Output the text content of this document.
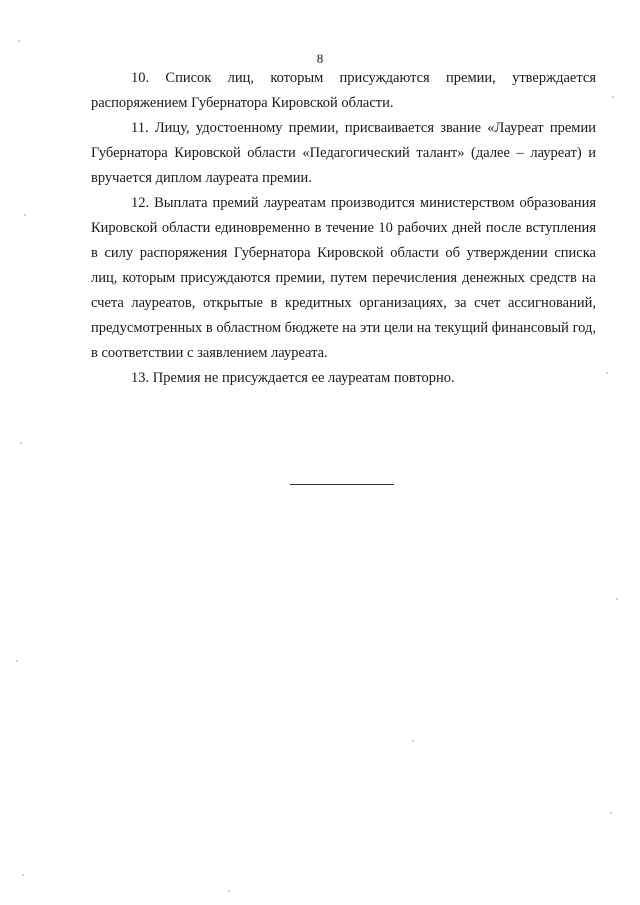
8

10. Список лиц, которым присуждаются премии, утверждается распоряжением Губернатора Кировской области.

11. Лицу, удостоенному премии, присваивается звание «Лауреат премии Губернатора Кировской области «Педагогический талант» (далее – лауреат) и вручается диплом лауреата премии.

12. Выплата премий лауреатам производится министерством образования Кировской области единовременно в течение 10 рабочих дней после вступления в силу распоряжения Губернатора Кировской области об утверждении списка лиц, которым присуждаются премии, путем перечисления денежных средств на счета лауреатов, открытые в кредитных организациях, за счет ассигнований, предусмотренных в областном бюджете на эти цели на текущий финансовый год, в соответствии с заявлением лауреата.

13. Премия не присуждается ее лауреатам повторно.
